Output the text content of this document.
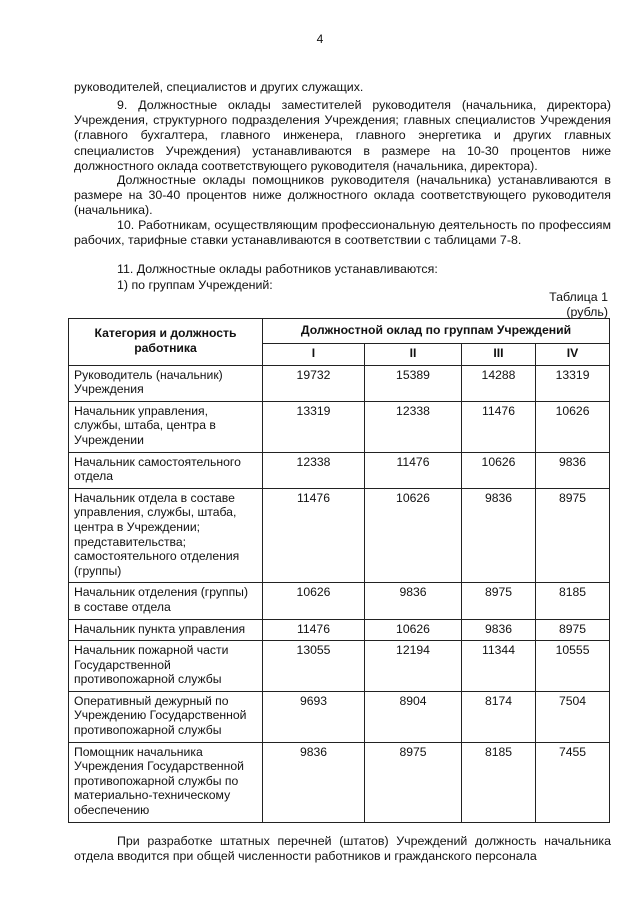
4

руководителей, специалистов и других служащих.

9. Должностные оклады заместителей руководителя (начальника, директора) Учреждения, структурного подразделения Учреждения; главных специалистов Учреждения (главного бухгалтера, главного инженера, главного энергетика и других главных специалистов Учреждения) устанавливаются в размере на 10-30 процентов ниже должностного оклада соответствующего руководителя (начальника, директора).

Должностные оклады помощников руководителя (начальника) устанавливаются в размере на 30-40 процентов ниже должностного оклада соответствующего руководителя (начальника).

10. Работникам, осуществляющим профессиональную деятельность по профессиям рабочих, тарифные ставки устанавливаются в соответствии с таблицами 7-8.

11. Должностные оклады работников устанавливаются:

1) по группам Учреждений:

Таблица 1
(рубль)
Категория и должность работника	Должностной оклад по группам Учреждений			
	I	II	III	IV
Руководитель (начальник) Учреждения	19732	15389	14288	13319
Начальник управления, службы, штаба, центра в Учреждении	13319	12338	11476	10626
Начальник самостоятельного отдела	12338	11476	10626	9836
Начальник отдела в составе управления, службы, штаба, центра в Учреждении; представительства; самостоятельного отделения (группы)	11476	10626	9836	8975
Начальник отделения (группы) в составе отдела	10626	9836	8975	8185
Начальник пункта управления	11476	10626	9836	8975
Начальник пожарной части Государственной противопожарной службы	13055	12194	11344	10555
Оперативный дежурный по Учреждению Государственной противопожарной службы	9693	8904	8174	7504
Помощник начальника Учреждения Государственной противопожарной службы по материально-техническому обеспечению	9836	8975	8185	7455

При разработке штатных перечней (штатов) Учреждений должность начальника отдела вводится при общей численности работников и гражданского персонала
